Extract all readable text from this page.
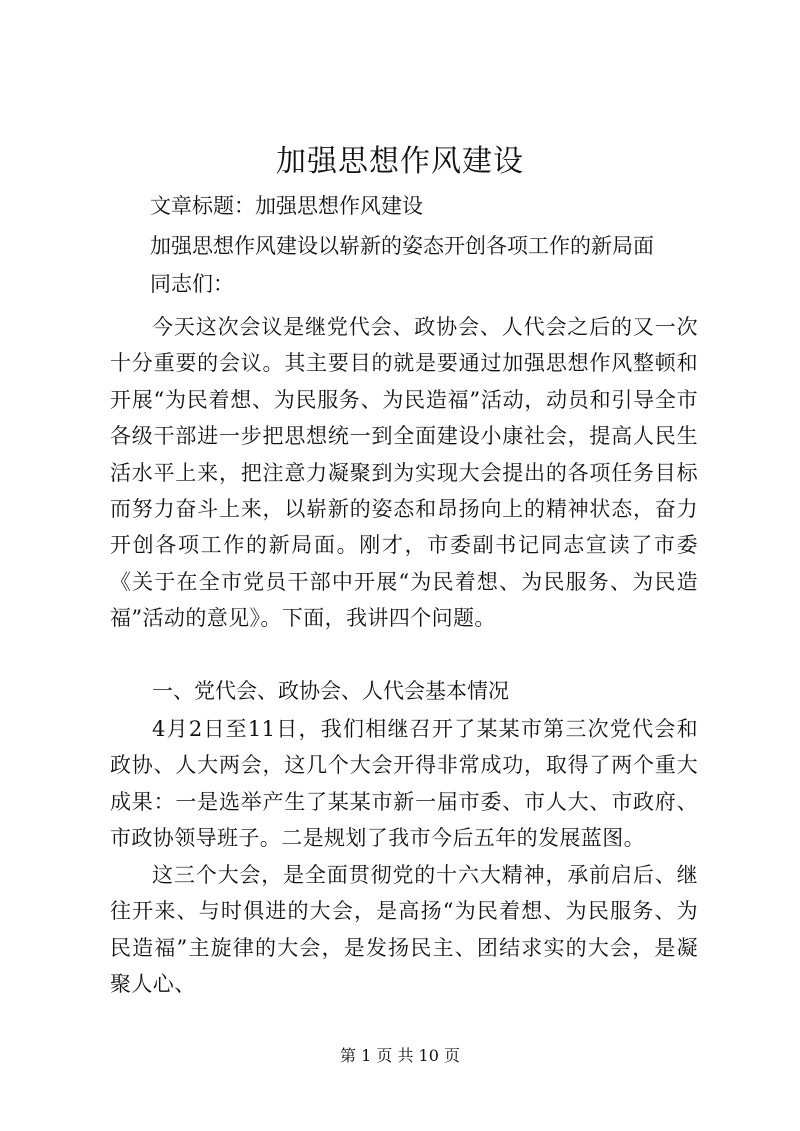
加强思想作风建设
文章标题：加强思想作风建设
加强思想作风建设以崭新的姿态开创各项工作的新局面
同志们：
今天这次会议是继党代会、政协会、人代会之后的又一次十分重要的会议。其主要目的就是要通过加强思想作风整顿和开展“为民着想、为民服务、为民造福”活动，动员和引导全市各级干部进一步把思想统一到全面建设小康社会，提高人民生活水平上来，把注意力凝聚到为实现大会提出的各项任务目标而努力奋斗上来，以崭新的姿态和昂扬向上的精神状态，奋力开创各项工作的新局面。刚才，市委副书记同志宣读了市委《关于在全市党员干部中开展“为民着想、为民服务、为民造福”活动的意见》。下面，我讲四个问题。
一、党代会、政协会、人代会基本情况
4月2日至11日，我们相继召开了某某市第三次党代会和政协、人大两会，这几个大会开得非常成功，取得了两个重大成果：一是选举产生了某某市新一届市委、市人大、市政府、市政协领导班子。二是规划了我市今后五年的发展蓝图。
这三个大会，是全面贯彻党的十六大精神，承前启后、继往开来、与时俱进的大会，是高扬“为民着想、为民服务、为民造福”主旋律的大会，是发扬民主、团结求实的大会，是凝聚人心、
第 1 页 共 10 页
